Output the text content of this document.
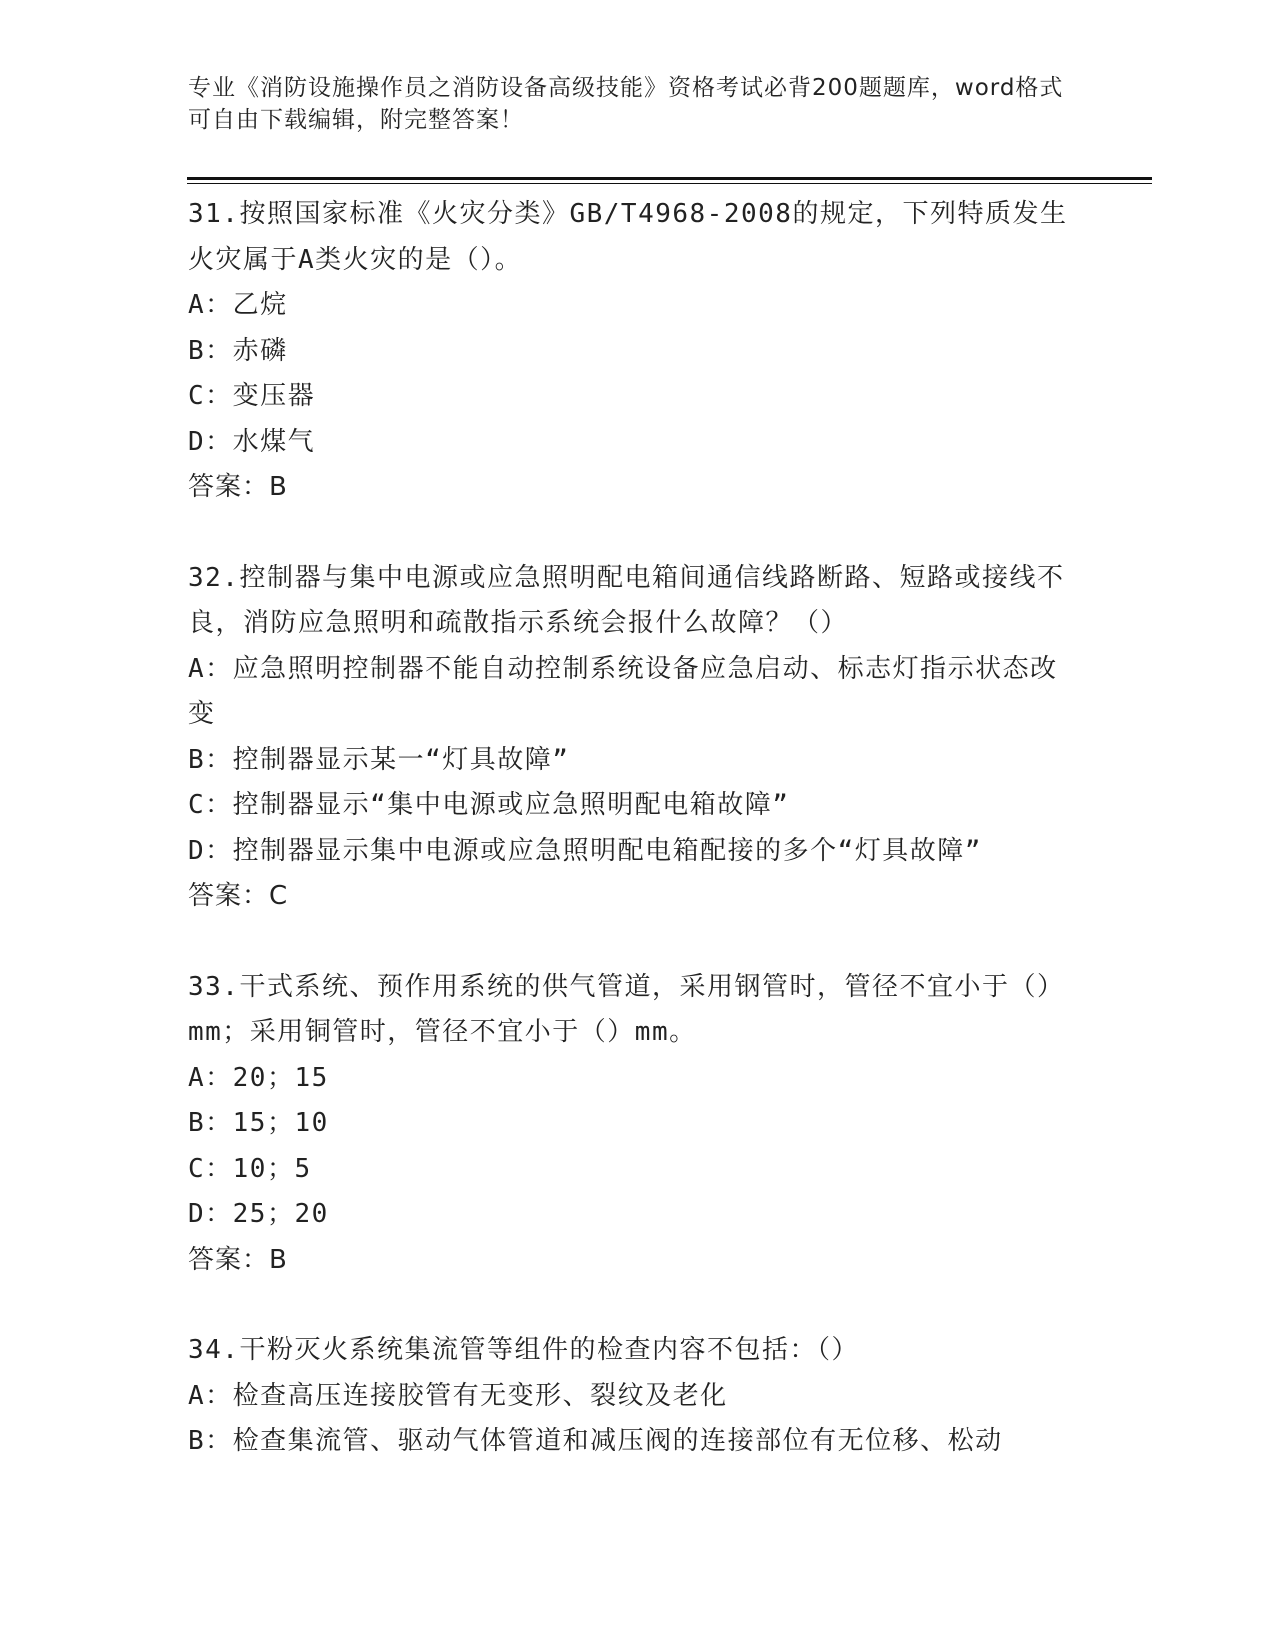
专业《消防设施操作员之消防设备高级技能》资格考试必背200题题库，word格式可自由下载编辑，附完整答案！
31.按照国家标准《火灾分类》GB/T4968-2008的规定，下列特质发生火灾属于A类火灾的是（）。
A：乙烷
B：赤磷
C：变压器
D：水煤气
答案：B
32.控制器与集中电源或应急照明配电箱间通信线路断路、短路或接线不良，消防应急照明和疏散指示系统会报什么故障？（）
A：应急照明控制器不能自动控制系统设备应急启动、标志灯指示状态改变
B：控制器显示某一“灯具故障”
C：控制器显示“集中电源或应急照明配电箱故障”
D：控制器显示集中电源或应急照明配电箱配接的多个“灯具故障”
答案：C
33.干式系统、预作用系统的供气管道，采用钢管时，管径不宜小于（）mm；采用铜管时，管径不宜小于（）mm。
A：20；15
B：15；10
C：10；5
D：25；20
答案：B
34.干粉灭火系统集流管等组件的检查内容不包括：（）
A：检查高压连接胶管有无变形、裂纹及老化
B：检查集流管、驱动气体管道和减压阀的连接部位有无位移、松动
